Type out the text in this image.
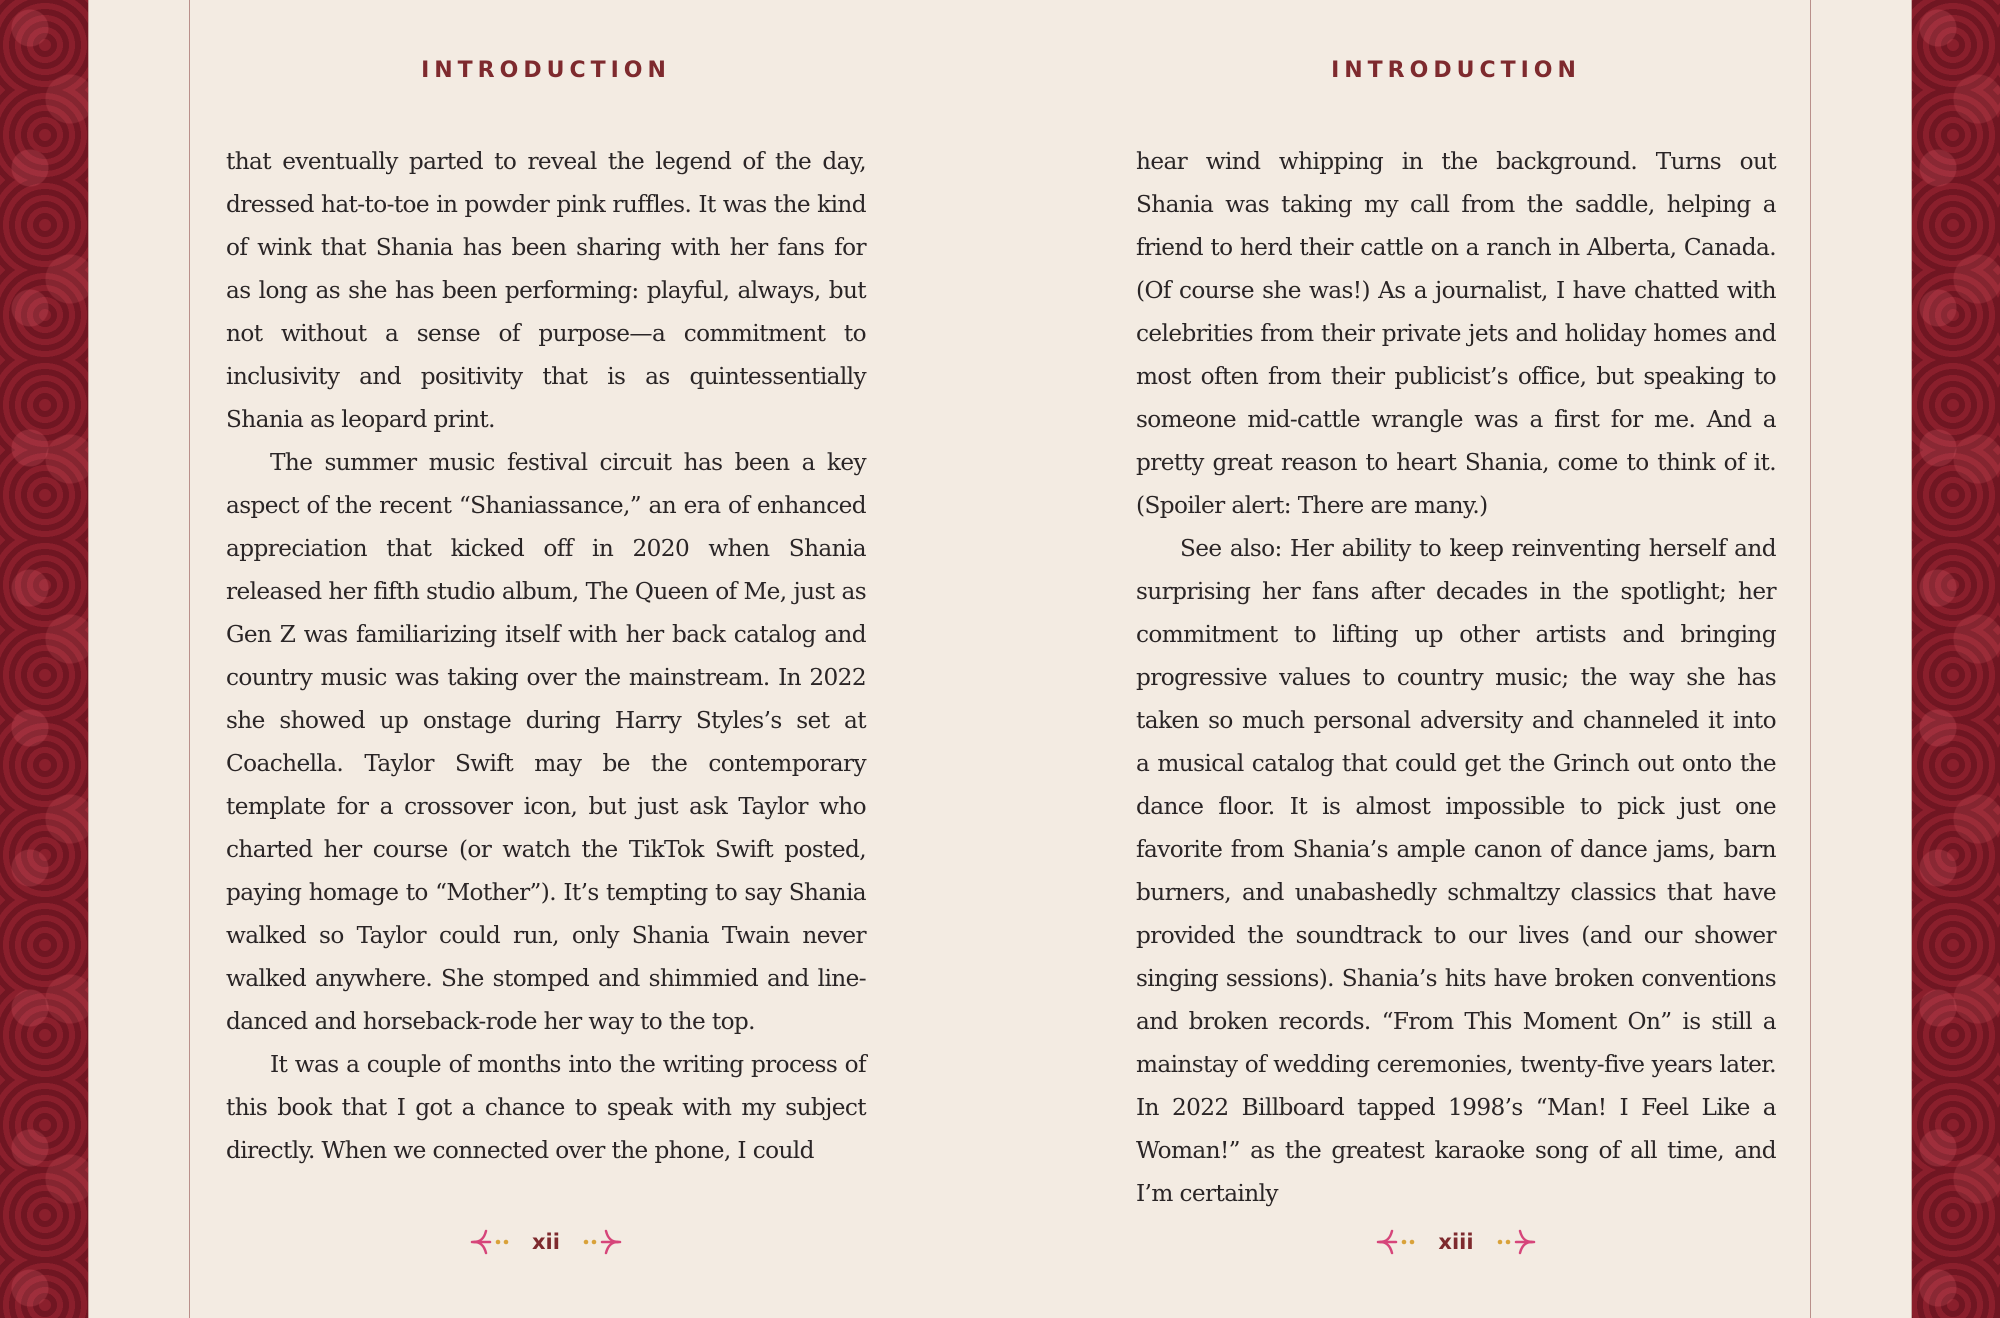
INTRODUCTION

that eventually parted to reveal the legend of the day, dressed hat-to-toe in powder pink ruffles. It was the kind of wink that Shania has been sharing with her fans for as long as she has been performing: playful, always, but not without a sense of purpose—a commitment to inclusivity and positivity that is as quintessentially Shania as leopard print.

The summer music festival circuit has been a key aspect of the recent “Shaniassance,” an era of enhanced appreciation that kicked off in 2020 when Shania released her fifth studio album, The Queen of Me, just as Gen Z was familiarizing itself with her back catalog and country music was taking over the mainstream. In 2022 she showed up onstage during Harry Styles’s set at Coachella. Taylor Swift may be the contemporary template for a crossover icon, but just ask Taylor who charted her course (or watch the TikTok Swift posted, paying homage to “Mother”). It’s tempting to say Shania walked so Taylor could run, only Shania Twain never walked anywhere. She stomped and shimmied and line-danced and horseback-rode her way to the top.

It was a couple of months into the writing process of this book that I got a chance to speak with my subject directly. When we connected over the phone, I could

xii
INTRODUCTION

hear wind whipping in the background. Turns out Shania was taking my call from the saddle, helping a friend to herd their cattle on a ranch in Alberta, Canada. (Of course she was!) As a journalist, I have chatted with celebrities from their private jets and holiday homes and most often from their publicist’s office, but speaking to someone mid-cattle wrangle was a first for me. And a pretty great reason to heart Shania, come to think of it. (Spoiler alert: There are many.)

See also: Her ability to keep reinventing herself and surprising her fans after decades in the spotlight; her commitment to lifting up other artists and bringing progressive values to country music; the way she has taken so much personal adversity and channeled it into a musical catalog that could get the Grinch out onto the dance floor. It is almost impossible to pick just one favorite from Shania’s ample canon of dance jams, barn burners, and unabashedly schmaltzy classics that have provided the soundtrack to our lives (and our shower singing sessions). Shania’s hits have broken conventions and broken records. “From This Moment On” is still a mainstay of wedding ceremonies, twenty-five years later. In 2022 Billboard tapped 1998’s “Man! I Feel Like a Woman!” as the greatest karaoke song of all time, and I’m certainly

xiii
